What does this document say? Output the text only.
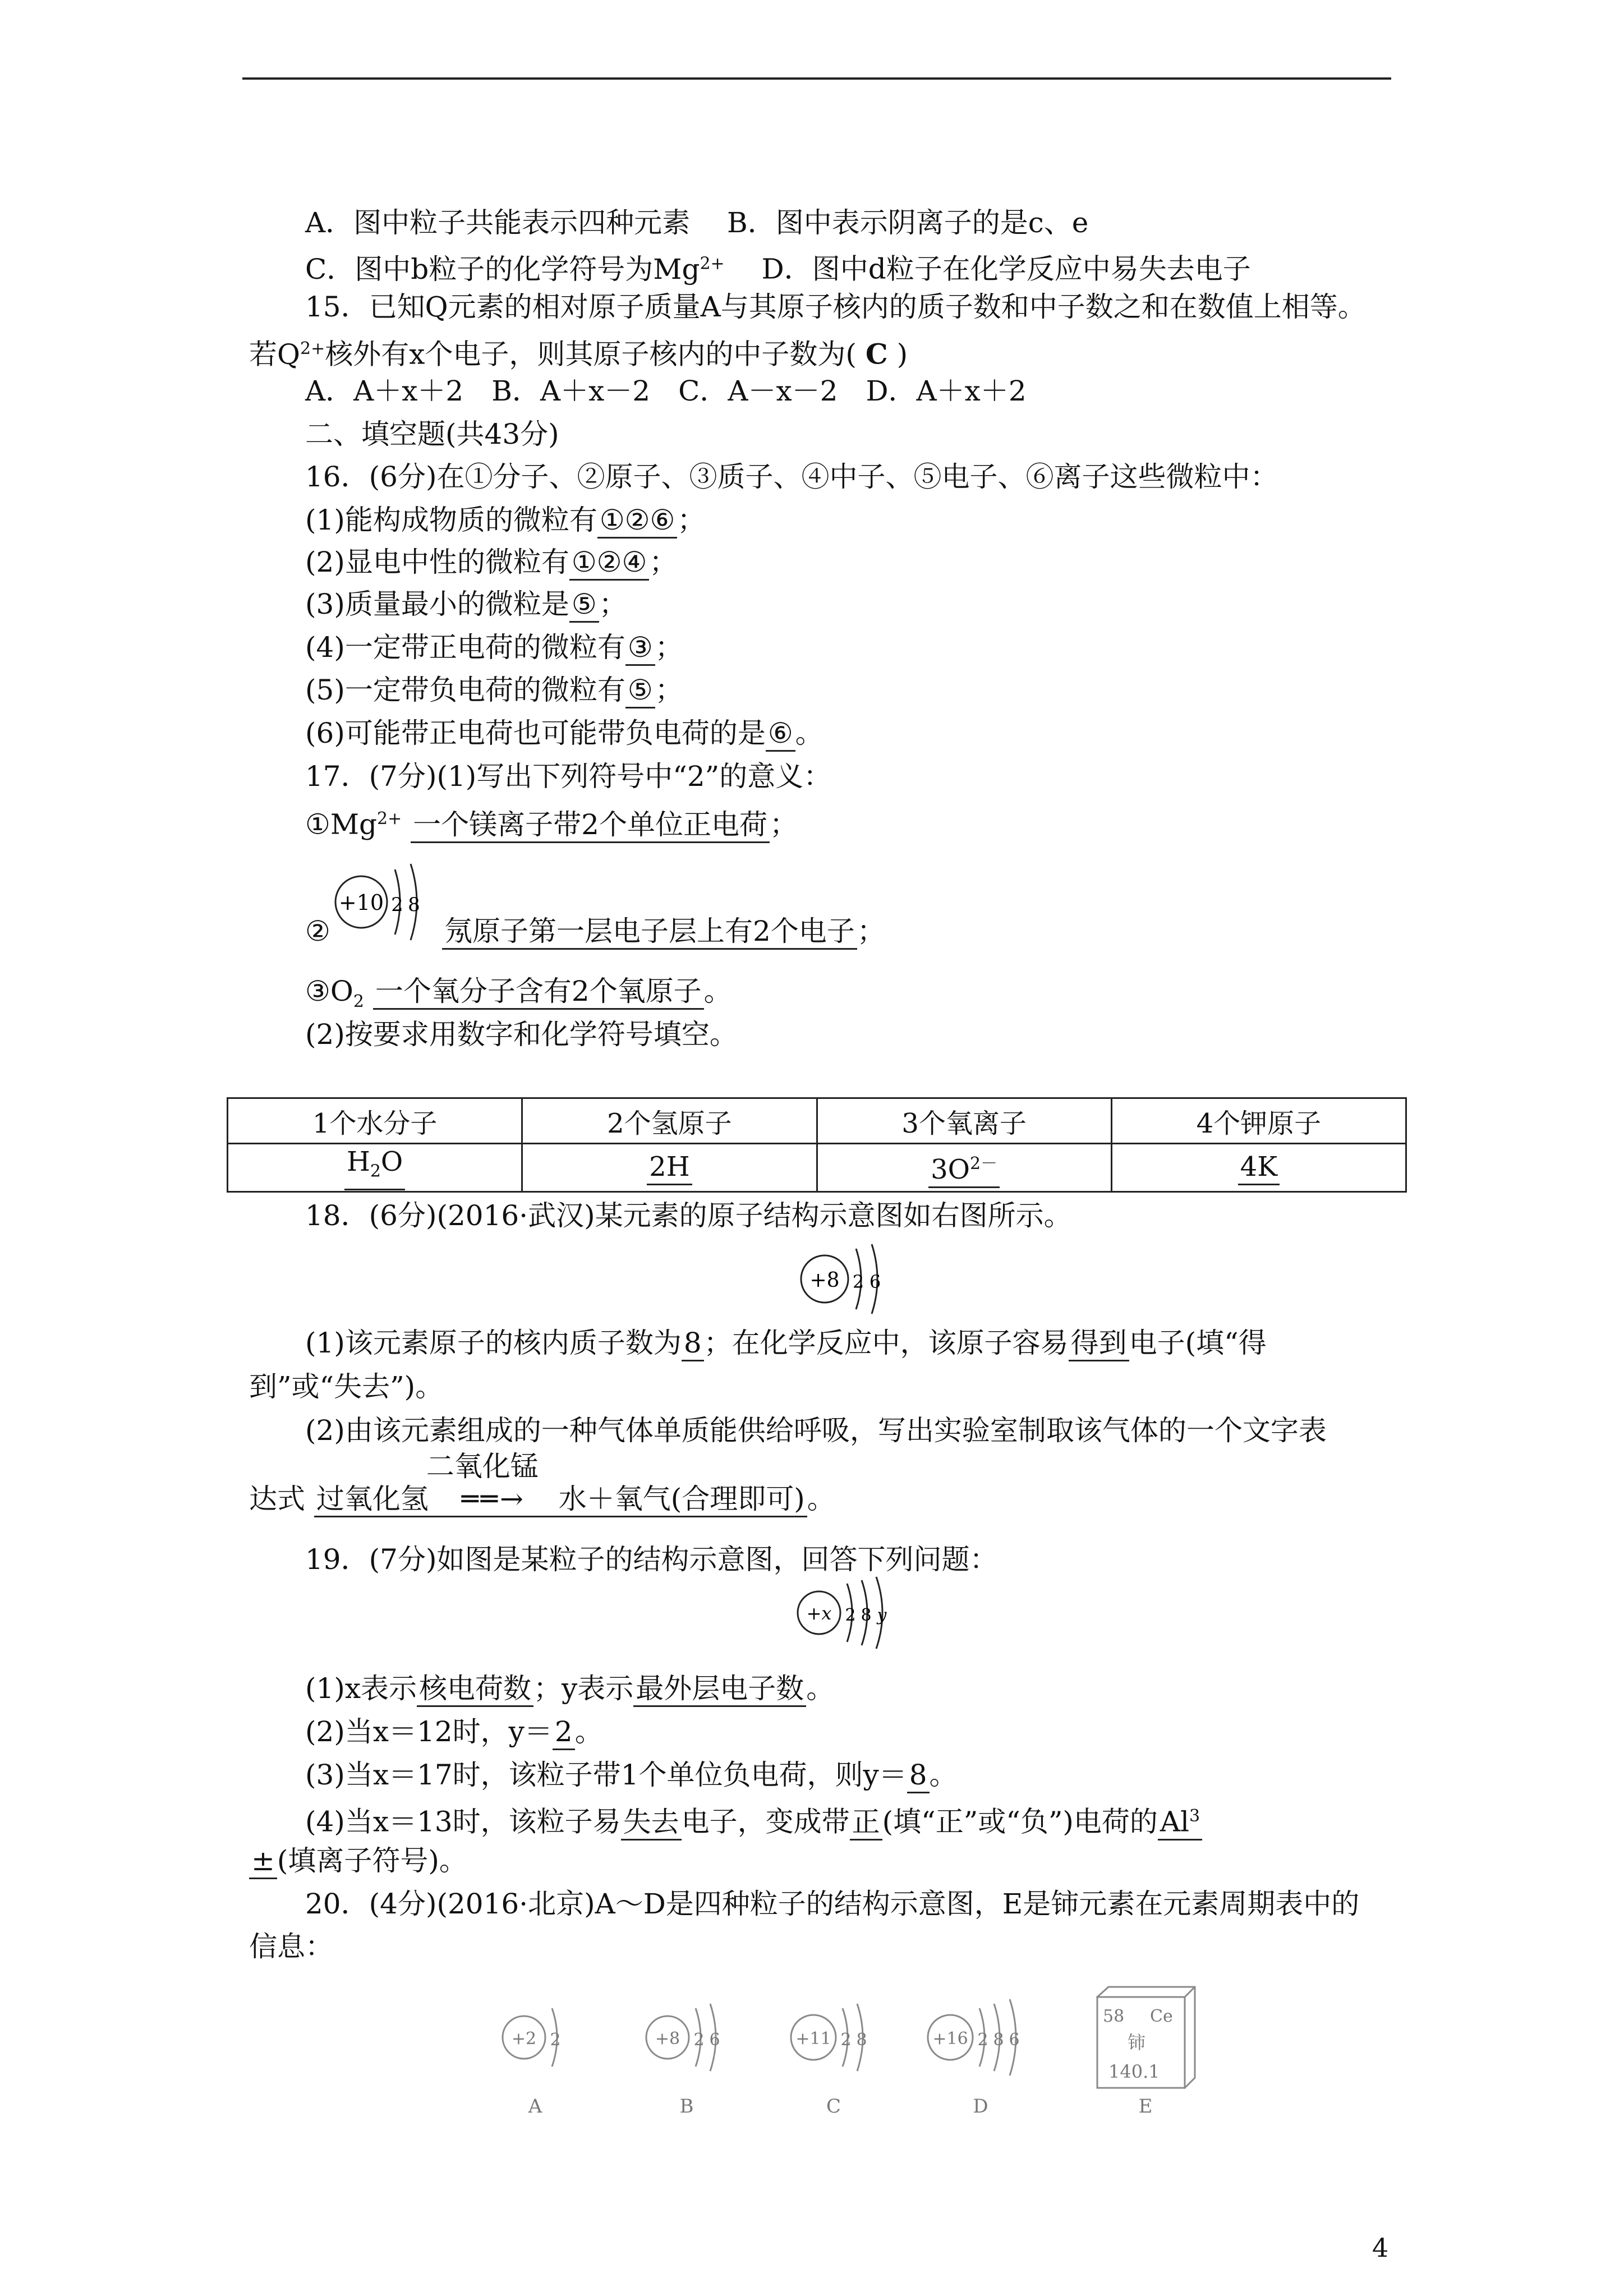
A．图中粒子共能表示四种元素　 B．图中表示阴离子的是c、e
C．图中b粒子的化学符号为$Mg^{2+}$　 D．图中d粒子在化学反应中易失去电子
15．已知Q元素的相对原子质量A与其原子核内的质子数和中子数之和在数值上相等。
若$Q^{2+}$核外有x个电子，则其原子核内的中子数为( C )
A．A＋x＋2　B．A＋x－2　C．A－x－2　D．A＋x＋2
二、填空题(共43分)
16．(6分)在①分子、②原子、③质子、④中子、⑤电子、⑥离子这些微粒中：
(1)能构成物质的微粒有①②⑥；
(2)显电中性的微粒有①②④；
(3)质量最小的微粒是⑤；
(4)一定带正电荷的微粒有③；
(5)一定带负电荷的微粒有⑤；
(6)可能带正电荷也可能带负电荷的是⑥。
17．(7分)(1)写出下列符号中“2”的意义：
$①Mg^{2+}$ 一个镁离子带2个单位正电荷；
+10 2 8
②	氖原子第一层电子层上有2个电子；
$③O_2$ 一个氧分子含有2个氧原子。
(2)按要求用数字和化学符号填空。
1个水分子	2个氢原子	3个氧离子	4个钾原子
$H_2O$	2H	$3O^{2-}$	4K
18．(6分)(2016·武汉)某元素的原子结构示意图如右图所示。
+8 2 6
(1)该元素原子的核内质子数为8；在化学反应中，该原子容易得到电子(填“得
到”或“失去”)。
(2)由该元素组成的一种气体单质能供给呼吸，写出实验室制取该气体的一个文字表
达式 过氧化氢
二氧化锰
══→ 水＋氧气(合理即可)。
19．(7分)如图是某粒子的结构示意图，回答下列问题：
+x 2 8 y
(1)x表示核电荷数；y表示最外层电子数。
(2)当x＝12时，y＝2。
(3)当x＝17时，该粒子带1个单位负电荷，则y＝8。
(4)当x＝13时，该粒子易失去电子，变成带正(填“正”或“负”)电荷的$Al^3$
±(填离子符号)。
20．(4分)(2016·北京)A～D是四种粒子的结构示意图，E是铈元素在元素周期表中的
信息：
+2 2
A
+8 2 6
B
+11 2 8
C
+16 2 8 6
D
58 Ce
铈
140.1
E
4
